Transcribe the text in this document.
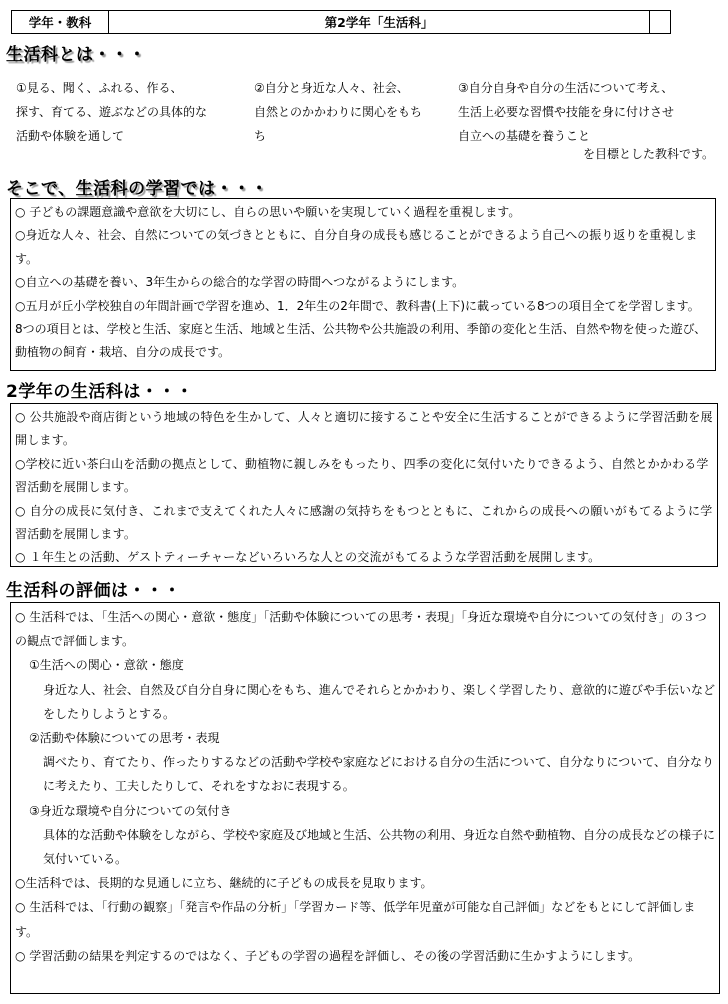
学年・教科	第2学年「生活科」
生活科とは・・・
①見る、聞く、ふれる、作る、
探す、育てる、遊ぶなどの具体的な
活動や体験を通して
②自分と身近な人々、社会、
自然とのかかわりに関心をもち
ち
③自分自身や自分の生活について考え、
生活上必要な習慣や技能を身に付けさせ
自立への基礎を養うこと
を目標とした教科です。
そこで、生活科の学習では・・・

○ 子どもの課題意識や意欲を大切にし、自らの思いや願いを実現していく過程を重視します。

○身近な人々、社会、自然についての気づきとともに、自分自身の成長も感じることができるよう自己への振り返りを重視します。

○自立への基礎を養い、3年生からの総合的な学習の時間へつながるようにします。

○五月が丘小学校独自の年間計画で学習を進め、1．2年生の2年間で、教科書(上下)に載っている8つの項目全てを学習します。 8つの項目とは、学校と生活、家庭と生活、地域と生活、公共物や公共施設の利用、季節の変化と生活、自然や物を使った遊び、動植物の飼育・栽培、自分の成長です。

2学年の生活科は・・・

○ 公共施設や商店街という地域の特色を生かして、人々と適切に接することや安全に生活することができるように学習活動を展開します。

○学校に近い茶臼山を活動の拠点として、動植物に親しみをもったり、四季の変化に気付いたりできるよう、自然とかかわる学習活動を展開します。

○ 自分の成長に気付き、これまで支えてくれた人々に感謝の気持ちをもつとともに、これからの成長への願いがもてるように学習活動を展開します。

○ １年生との活動、ゲストティーチャーなどいろいろな人との交流がもてるような学習活動を展開します。

生活科の評価は・・・

○ 生活科では、「生活への関心・意欲・態度」「活動や体験についての思考・表現」「身近な環境や自分についての気付き」の３つの観点で評価します。

①生活への関心・意欲・態度

身近な人、社会、自然及び自分自身に関心をもち、進んでそれらとかかわり、楽しく学習したり、意欲的に遊びや手伝いなどをしたりしようとする。

②活動や体験についての思考・表現

調べたり、育てたり、作ったりするなどの活動や学校や家庭などにおける自分の生活について、自分なりについて、自分なりに考えたり、工夫したりして、それをすなおに表現する。

③身近な環境や自分についての気付き

具体的な活動や体験をしながら、学校や家庭及び地域と生活、公共物の利用、身近な自然や動植物、自分の成長などの様子に気付いている。

○生活科では、長期的な見通しに立ち、継続的に子どもの成長を見取ります。

○ 生活科では、「行動の観察」「発言や作品の分析」「学習カード等、低学年児童が可能な自己評価」などをもとにして評価します。

○ 学習活動の結果を判定するのではなく、子どもの学習の過程を評価し、その後の学習活動に生かすようにします。
